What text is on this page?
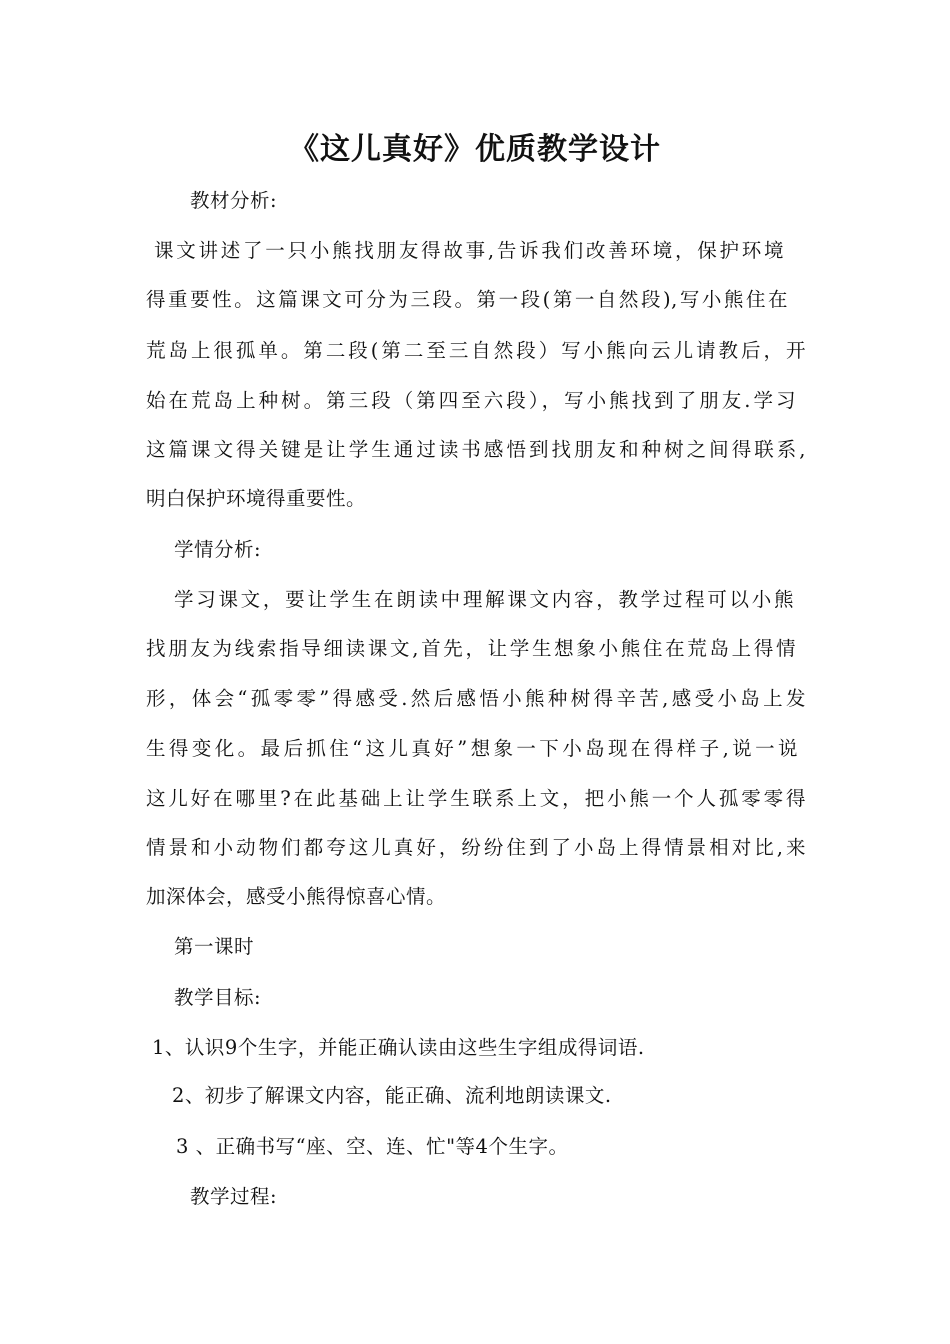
《这儿真好》优质教学设计
教材分析:
课文讲述了一只小熊找朋友得故事,告诉我们改善环境，保护环境
得重要性。这篇课文可分为三段。第一段(第一自然段),写小熊住在
荒岛上很孤单。第二段(第二至三自然段）写小熊向云儿请教后，开
始在荒岛上种树。第三段（第四至六段），写小熊找到了朋友.学习
这篇课文得关键是让学生通过读书感悟到找朋友和种树之间得联系,
明白保护环境得重要性。
学情分析:
学习课文，要让学生在朗读中理解课文内容，教学过程可以小熊
找朋友为线索指导细读课文,首先，让学生想象小熊住在荒岛上得情
形，体会“孤零零”得感受.然后感悟小熊种树得辛苦,感受小岛上发
生得变化。最后抓住“这儿真好”想象一下小岛现在得样子,说一说
这儿好在哪里?在此基础上让学生联系上文，把小熊一个人孤零零得
情景和小动物们都夸这儿真好，纷纷住到了小岛上得情景相对比,来
加深体会，感受小熊得惊喜心情。
第一课时
教学目标:
1、认识9个生字，并能正确认读由这些生字组成得词语.
2、初步了解课文内容，能正确、流利地朗读课文.
3 、正确书写“座、空、连、忙"等4个生字。
教学过程:
